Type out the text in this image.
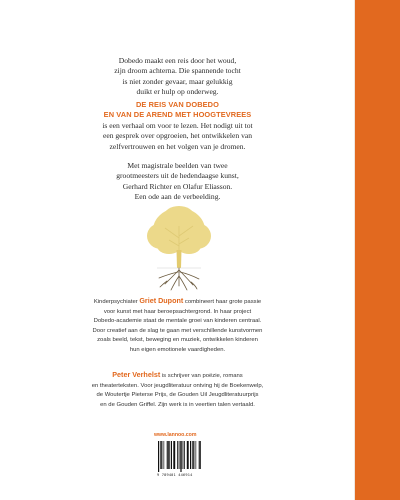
Dobedo maakt een reis door het woud,
zijn droom achterna. Die spannende tocht
is niet zonder gevaar, maar gelukkig
duikt er hulp op onderweg.
DE REIS VAN DOBEDO
EN VAN DE AREND MET HOOGTEVREES
is een verhaal om voor te lezen. Het nodigt uit tot
een gesprek over opgroeien, het ontwikkelen van
zelfvertrouwen en het volgen van je dromen.
Met magistrale beelden van twee
grootmeesters uit de hedendaagse kunst,
Gerhard Richter en Olafur Eliasson.
Een ode aan de verbeelding.
Kinderpsychiater Griet Dupont combineert haar grote passie
voor kunst met haar beroepsachtergrond. In haar project
Dobedo-academie staat de mentale groei van kinderen centraal.
Door creatief aan de slag te gaan met verschillende kunstvormen
zoals beeld, tekst, beweging en muziek, ontwikkelen kinderen
hun eigen emotionele vaardigheden.
Peter Verhelst is schrijver van poëzie, romans
en theaterteksten. Voor jeugdliteratuur ontving hij de Boekenwelp,
de Woutertje Pieterse Prijs, de Gouden Uil Jeugdliteratuurprijs
en de Gouden Griffel. Zijn werk is in veertien talen vertaald.
www.lannoo.com
9 789401 446914
